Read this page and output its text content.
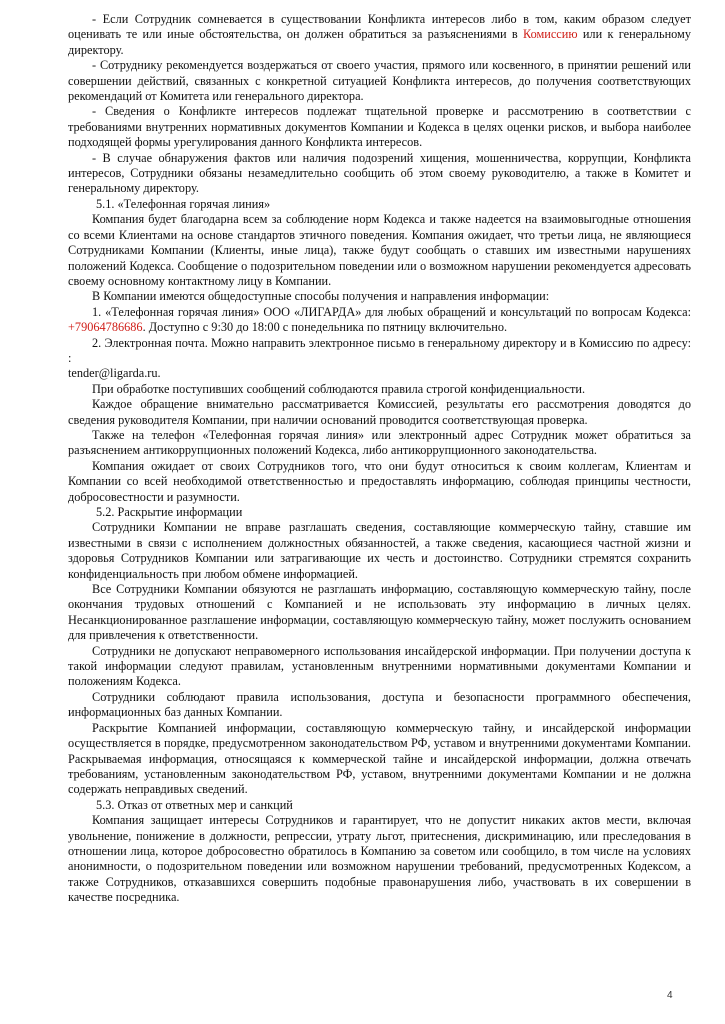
- Если Сотрудник сомневается в существовании Конфликта интересов либо в том, каким образом следует оценивать те или иные обстоятельства, он должен обратиться за разъяснениями в Комиссию или к генеральному директору.

- Сотруднику рекомендуется воздержаться от своего участия, прямого или косвенного, в принятии решений или совершении действий, связанных с конкретной ситуацией Конфликта интересов, до получения соответствующих рекомендаций от Комитета или генерального директора.

- Сведения о Конфликте интересов подлежат тщательной проверке и рассмотрению в соответствии с требованиями внутренних нормативных документов Компании и Кодекса в целях оценки рисков, и выбора наиболее подходящей формы урегулирования данного Конфликта интересов.

- В случае обнаружения фактов или наличия подозрений хищения, мошенничества, коррупции, Конфликта интересов, Сотрудники обязаны незамедлительно сообщить об этом своему руководителю, а также в Комитет и генеральному директору.

5.1. «Телефонная горячая линия»

Компания будет благодарна всем за соблюдение норм Кодекса и также надеется на взаимовыгодные отношения со всеми Клиентами на основе стандартов этичного поведения. Компания ожидает, что третьи лица, не являющиеся Сотрудниками Компании (Клиенты, иные лица), также будут сообщать о ставших им известными нарушениях положений Кодекса. Сообщение о подозрительном поведении или о возможном нарушении рекомендуется адресовать своему основному контактному лицу в Компании.

В Компании имеются общедоступные способы получения и направления информации:

1. «Телефонная горячая линия» ООО «ЛИГАРДА» для любых обращений и консультаций по вопросам Кодекса: +79064786686. Доступно с 9:30 до 18:00 с понедельника по пятницу включительно.

2. Электронная почта. Можно направить электронное письмо в генеральному директору и в Комиссию по адресу: :

tender@ligarda.ru.

При обработке поступивших сообщений соблюдаются правила строгой конфиденциальности.

Каждое обращение внимательно рассматривается Комиссией, результаты его рассмотрения доводятся до сведения руководителя Компании, при наличии оснований проводится соответствующая проверка.

Также на телефон «Телефонная горячая линия» или электронный адрес Сотрудник может обратиться за разъяснением антикоррупционных положений Кодекса, либо антикоррупционного законодательства.

Компания ожидает от своих Сотрудников того, что они будут относиться к своим коллегам, Клиентам и Компании со всей необходимой ответственностью и предоставлять информацию, соблюдая принципы честности, добросовестности и разумности.

5.2. Раскрытие информации

Сотрудники Компании не вправе разглашать сведения, составляющие коммерческую тайну, ставшие им известными в связи с исполнением должностных обязанностей, а также сведения, касающиеся частной жизни и здоровья Сотрудников Компании или затрагивающие их честь и достоинство. Сотрудники стремятся сохранить конфиденциальность при любом обмене информацией.

Все Сотрудники Компании обязуются не разглашать информацию, составляющую коммерческую тайну, после окончания трудовых отношений с Компанией и не использовать эту информацию в личных целях. Несанкционированное разглашение информации, составляющую коммерческую тайну, может послужить основанием для привлечения к ответственности.

Сотрудники не допускают неправомерного использования инсайдерской информации. При получении доступа к такой информации следуют правилам, установленным внутренними нормативными документами Компании и положениям Кодекса.

Сотрудники соблюдают правила использования, доступа и безопасности программного обеспечения, информационных баз данных Компании.

Раскрытие Компанией информации, составляющую коммерческую тайну, и инсайдерской информации осуществляется в порядке, предусмотренном законодательством РФ, уставом и внутренними документами Компании. Раскрываемая информация, относящаяся к коммерческой тайне и инсайдерской информации, должна отвечать требованиям, установленным законодательством РФ, уставом, внутренними документами Компании и не должна содержать неправдивых сведений.

5.3. Отказ от ответных мер и санкций

Компания защищает интересы Сотрудников и гарантирует, что не допустит никаких актов мести, включая увольнение, понижение в должности, репрессии, утрату льгот, притеснения, дискриминацию, или преследования в отношении лица, которое добросовестно обратилось в Компанию за советом или сообщило, в том числе на условиях анонимности, о подозрительном поведении или возможном нарушении требований, предусмотренных Кодексом, а также Сотрудников, отказавшихся совершить подобные правонарушения либо, участвовать в их совершении в качестве посредника.

4
